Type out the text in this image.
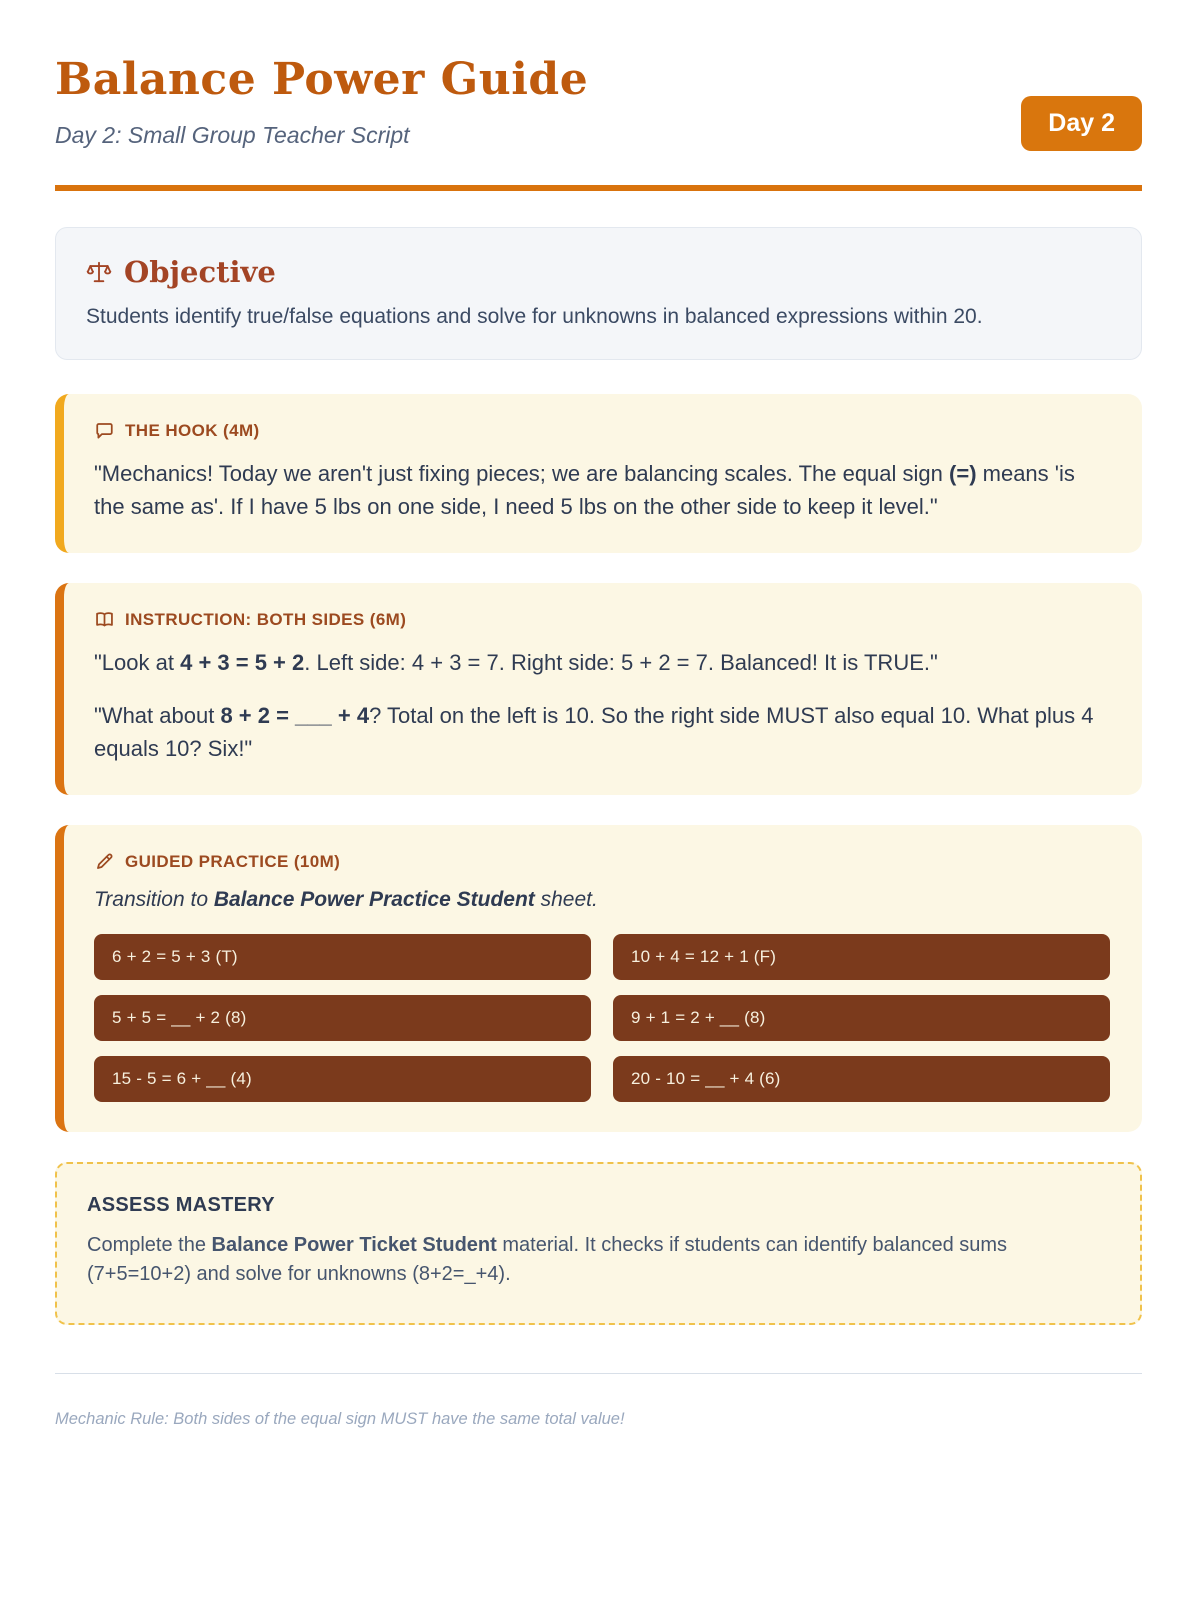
Balance Power Guide
Day 2: Small Group Teacher Script	Day 2
Objective

Students identify true/false equations and solve for unknowns in balanced expressions within 20.

THE HOOK (4M)

"Mechanics! Today we aren't just fixing pieces; we are balancing scales. The equal sign (=) means 'is the same as'. If I have 5 lbs on one side, I need 5 lbs on the other side to keep it level."

INSTRUCTION: BOTH SIDES (6M)

"Look at 4 + 3 = 5 + 2. Left side: 4 + 3 = 7. Right side: 5 + 2 = 7. Balanced! It is TRUE."

"What about 8 + 2 = ___ + 4? Total on the left is 10. So the right side MUST also equal 10. What plus 4 equals 10? Six!"

GUIDED PRACTICE (10M)

Transition to Balance Power Practice Student sheet.

6 + 2 = 5 + 3 (T)	10 + 4 = 12 + 1 (F)
5 + 5 = __ + 2 (8)	9 + 1 = 2 + __ (8)
15 - 5 = 6 + __ (4)	20 - 10 = __ + 4 (6)
ASSESS MASTERY

Complete the Balance Power Ticket Student material. It checks if students can identify balanced sums (7+5=10+2) and solve for unknowns (8+2=_+4).

Mechanic Rule: Both sides of the equal sign MUST have the same total value!
